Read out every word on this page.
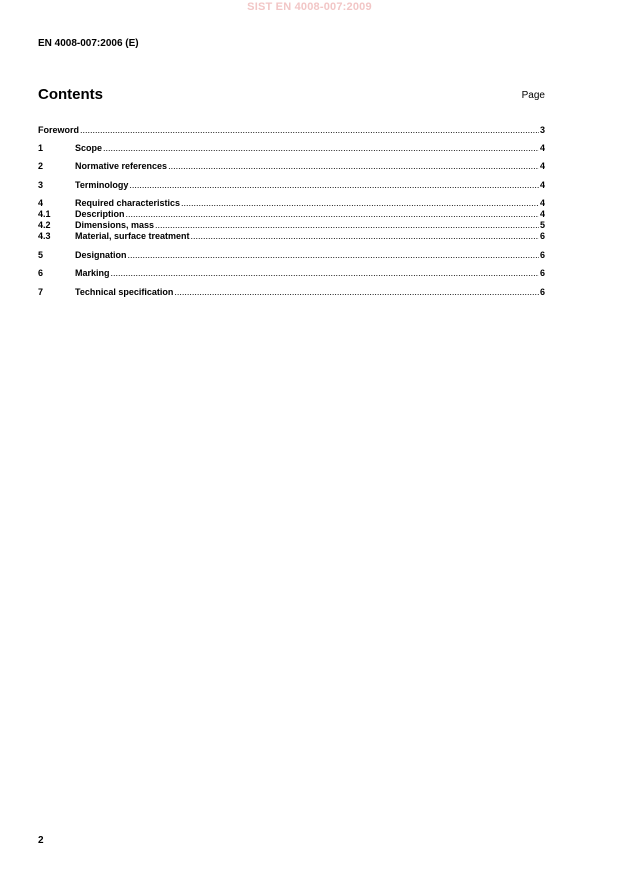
SIST EN 4008-007:2009
EN 4008-007:2006 (E)
Contents	Page
Foreword .....	3
1	Scope .....	4
2	Normative references .....	4
3	Terminology .....	4
4	Required characteristics .....	4
4.1	Description .....	4
4.2	Dimensions, mass .....	5
4.3	Material, surface treatment .....	6
5	Designation .....	6
6	Marking .....	6
7	Technical specification .....	6
2
